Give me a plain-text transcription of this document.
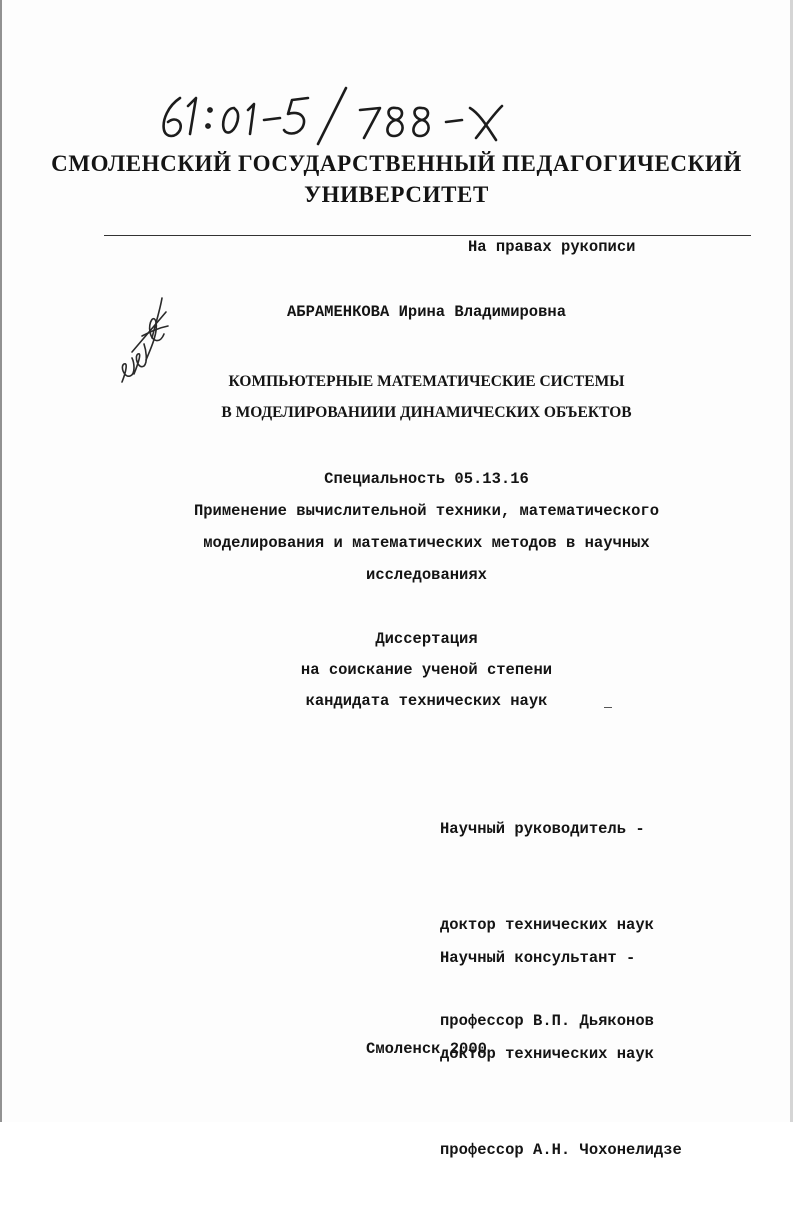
СМОЛЕНСКИЙ ГОСУДАРСТВЕННЫЙ ПЕДАГОГИЧЕСКИЙ
УНИВЕРСИТЕТ
На правах рукописи
АБРАМЕНКОВА Ирина Владимировна
КОМПЬЮТЕРНЫЕ МАТЕМАТИЧЕСКИЕ СИСТЕМЫ
В МОДЕЛИРОВАНИИИ ДИНАМИЧЕСКИХ ОБЪЕКТОВ
Специальность 05.13.16
Применение вычислительной техники, математического
моделирования и математических методов в научных
исследованиях
Диссертация
на соискание ученой степени
кандидата технических наук

Научный руководитель -

доктор технических наук

профессор В.П. Дьяконов

Научный консультант -

доктор технических наук

профессор А.Н. Чохонелидзе

Смоленск 2000
